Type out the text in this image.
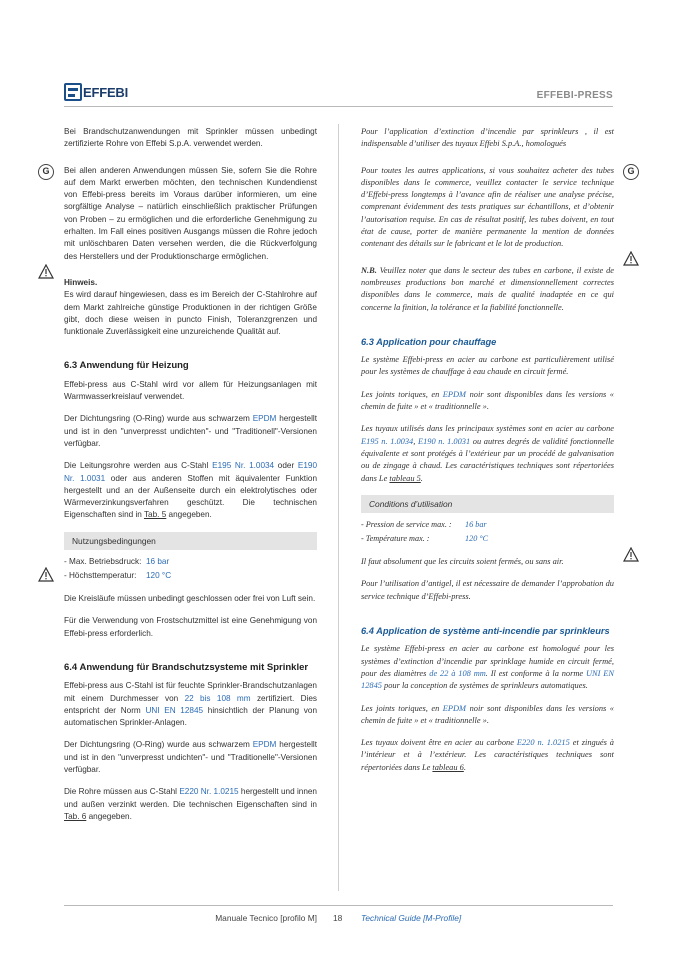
EFFEBI	EFFEBI-PRESS
G	G

Bei Brandschutzanwendungen mit Sprinkler müssen unbedingt zertifizierte Rohre von Effebi S.p.A. verwendet werden.

Bei allen anderen Anwendungen müssen Sie, sofern Sie die Rohre auf dem Markt erwerben möchten, den technischen Kundendienst von Effebi-press bereits im Voraus darüber informieren, um eine sorgfältige Analyse – natürlich einschließlich praktischer Prüfungen von Proben – zu ermöglichen und die erforderliche Genehmigung zu erhalten. Im Fall eines positiven Ausgangs müssen die Rohre jedoch mit unlöschbaren Daten versehen werden, die die Rückverfolgung des Herstellers und der Produktionscharge ermöglichen.

Hinweis.

Es wird darauf hingewiesen, dass es im Bereich der C-Stahlrohre auf dem Markt zahlreiche günstige Produktionen in der richtigen Größe gibt, doch diese weisen in puncto Finish, Toleranzgrenzen und funktionale Zuverlässigkeit eine unzureichende Qualität auf.

6.3 Anwendung für Heizung

Effebi-press aus C-Stahl wird vor allem für Heizungsanlagen mit Warmwasserkreislauf verwendet.

Der Dichtungsring (O-Ring) wurde aus schwarzem EPDM hergestellt und ist in den "unverpresst undichten"- und "Traditionell"-Versionen verfügbar.

Die Leitungsrohre werden aus C-Stahl E195 Nr. 1.0034 oder E190 Nr. 1.0031 oder aus anderen Stoffen mit äquivalenter Funktion hergestellt und an der Außenseite durch ein elektrolytisches oder Wärmeverzinkungsverfahren geschützt. Die technischen Eigenschaften sind in Tab. 5 angegeben.

Nutzungsbedingungen
- Max. Betriebsdruck: 16 bar
- Höchsttemperatur:	120 °C

Die Kreisläufe müssen unbedingt geschlossen oder frei von Luft sein.

Für die Verwendung von Frostschutzmittel ist eine Genehmigung von Effebi-press erforderlich.

6.4 Anwendung für Brandschutzsysteme mit Sprinkler

Effebi-press aus C-Stahl ist für feuchte Sprinkler-Brandschutzanlagen mit einem Durchmesser von 22 bis 108 mm zertifiziert. Dies entspricht der Norm UNI EN 12845 hinsichtlich der Planung von automatischen Sprinkler-Anlagen.

Der Dichtungsring (O-Ring) wurde aus schwarzem EPDM hergestellt und ist in den "unverpresst undichten"- und "Traditionelle"-Versionen verfügbar.

Die Rohre müssen aus C-Stahl E220 Nr. 1.0215 hergestellt und innen und außen verzinkt werden. Die technischen Eigenschaften sind in Tab. 6 angegeben.

Pour l’application d’extinction d’incendie par sprinkleurs , il est indispensable d’utiliser des tuyaux Effebi S.p.A., homologués

Pour toutes les autres applications, si vous souhaitez acheter des tubes disponibles dans le commerce, veuillez contacter le service technique d’Effebi-press longtemps à l’avance afin de réaliser une analyse précise, comprenant évidemment des tests pratiques sur échantillons, et d’obtenir l’autorisation requise. En cas de résultat positif, les tubes doivent, en tout état de cause, porter de manière permanente la mention de données contenant des détails sur le fabricant et le lot de production.

N.B. Veuillez noter que dans le secteur des tubes en carbone, il existe de nombreuses productions bon marché et dimensionnellement correctes disponibles dans le commerce, mais de qualité inadaptée en ce qui concerne la finition, la tolérance et la fiabilité fonctionnelle.

6.3 Application pour chauffage

Le système Effebi-press en acier au carbone est particulièrement utilisé pour les systèmes de chauffage à eau chaude en circuit fermé.

Les joints toriques, en EPDM noir sont disponibles dans les versions « chemin de fuite » et « traditionnelle ».

Les tuyaux utilisés dans les principaux systèmes sont en acier au carbone E195 n. 1.0034, E190 n. 1.0031 ou autres degrés de validité fonctionnelle équivalente et sont protégés à l’extérieur par un procédé de galvanisation ou de zingage à chaud. Les caractéristiques techniques sont répertoriées dans Le tableau 5.

Conditions d’utilisation
- Pression de service max. :	16 bar
- Température max. :	120 °C

Il faut absolument que les circuits soient fermés, ou sans air.

Pour l’utilisation d’antigel, il est nécessaire de demander l’approbation du service technique d’Effebi-press.

6.4 Application de système anti-incendie par sprinkleurs

Le système Effebi-press en acier au carbone est homologué pour les systèmes d’extinction d’incendie par sprinklage humide en circuit fermé, pour des diamètres de 22 à 108 mm. Il est conforme à la norme UNI EN 12845 pour la conception de systèmes de sprinkleurs automatiques.

Les joints toriques, en EPDM noir sont disponibles dans les versions « chemin de fuite » et « traditionnelle ».

Les tuyaux doivent être en acier au carbone E220 n. 1.0215 et zingués à l’intérieur et à l’extérieur. Les caractéristiques techniques sont répertoriées dans Le tableau 6.

Manuale Tecnico [profilo M] 18 Technical Guide [M-Profile]
